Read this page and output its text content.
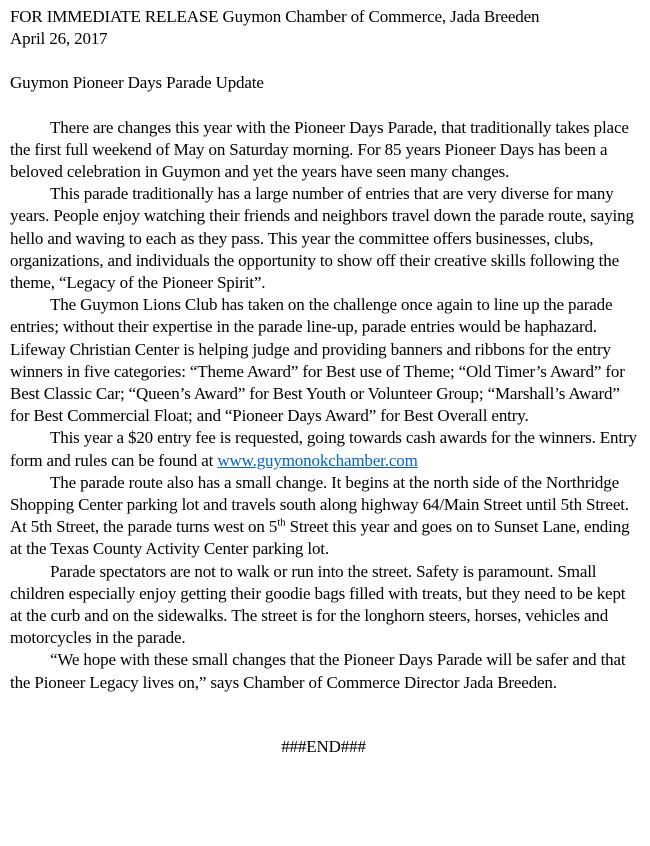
FOR IMMEDIATE RELEASE Guymon Chamber of Commerce, Jada Breeden

April 26, 2017

Guymon Pioneer Days Parade Update

There are changes this year with the Pioneer Days Parade, that traditionally takes place the first full weekend of May on Saturday morning. For 85 years Pioneer Days has been a beloved celebration in Guymon and yet the years have seen many changes.

This parade traditionally has a large number of entries that are very diverse for many years. People enjoy watching their friends and neighbors travel down the parade route, saying hello and waving to each as they pass. This year the committee offers businesses, clubs, organizations, and individuals the opportunity to show off their creative skills following the theme, “Legacy of the Pioneer Spirit”.

The Guymon Lions Club has taken on the challenge once again to line up the parade entries; without their expertise in the parade line-up, parade entries would be haphazard. Lifeway Christian Center is helping judge and providing banners and ribbons for the entry winners in five categories: “Theme Award” for Best use of Theme; “Old Timer’s Award” for Best Classic Car; “Queen’s Award” for Best Youth or Volunteer Group; “Marshall’s Award” for Best Commercial Float; and “Pioneer Days Award” for Best Overall entry.

This year a $20 entry fee is requested, going towards cash awards for the winners. Entry form and rules can be found at www.guymonokchamber.com

The parade route also has a small change. It begins at the north side of the Northridge Shopping Center parking lot and travels south along highway 64/Main Street until 5th Street. At 5th Street, the parade turns west on 5th Street this year and goes on to Sunset Lane, ending at the Texas County Activity Center parking lot.

Parade spectators are not to walk or run into the street. Safety is paramount. Small children especially enjoy getting their goodie bags filled with treats, but they need to be kept at the curb and on the sidewalks. The street is for the longhorn steers, horses, vehicles and motorcycles in the parade.

“We hope with these small changes that the Pioneer Days Parade will be safer and that the Pioneer Legacy lives on,” says Chamber of Commerce Director Jada Breeden.

###END###
